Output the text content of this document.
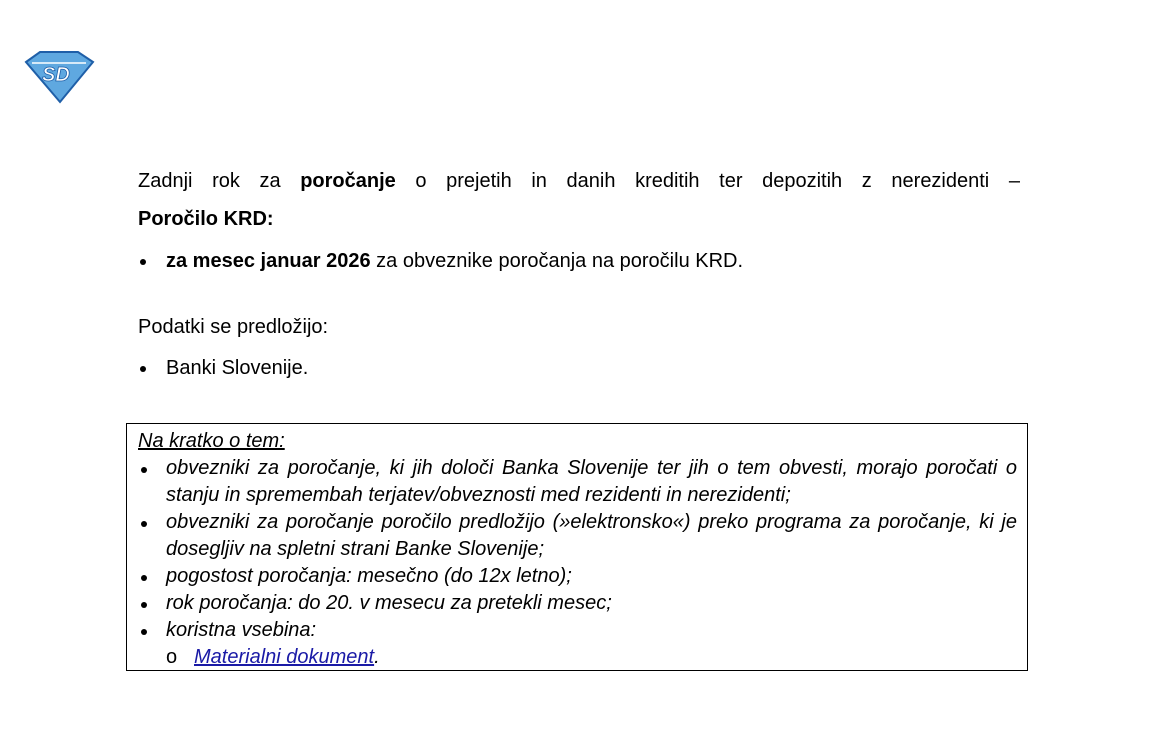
SD

Zadnji rok za poročanje o prejetih in danih kreditih ter depozitih z nerezidenti –

Poročilo KRD:

za mesec januar 2026 za obveznike poročanja na poročilu KRD.

Podatki se predložijo:

Banki Slovenije.

Na kratko o tem:

obvezniki za poročanje, ki jih določi Banka Slovenije ter jih o tem obvesti, morajo poročati o stanju in spremembah terjatev/obveznosti med rezidenti in nerezidenti;
obvezniki za poročanje poročilo predložijo (»elektronsko«) preko programa za poročanje, ki je dosegljiv na spletni strani Banke Slovenije;
pogostost poročanja: mesečno (do 12x letno);
rok poročanja: do 20. v mesecu za pretekli mesec;
koristna vsebina:
o Materialni dokument.
